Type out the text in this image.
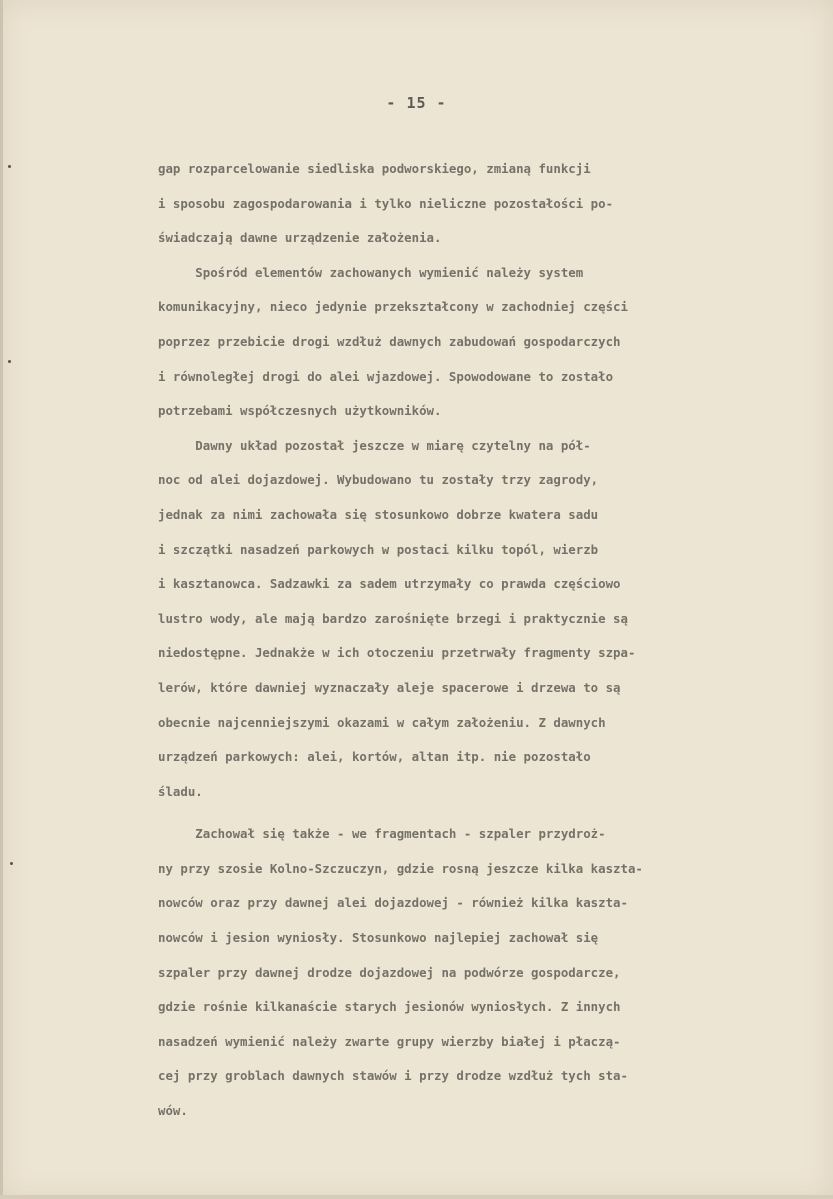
- 15 -
gap rozparcelowanie siedliska podworskiego, zmianą funkcji
i sposobu zagospodarowania i tylko nieliczne pozostałości po-
świadczają dawne urządzenie założenia.
Spośród elementów zachowanych wymienić należy system
komunikacyjny, nieco jedynie przekształcony w zachodniej części
poprzez przebicie drogi wzdłuż dawnych zabudowań gospodarczych
i równoległej drogi do alei wjazdowej. Spowodowane to zostało
potrzebami współczesnych użytkowników.
Dawny układ pozostał jeszcze w miarę czytelny na pół-
noc od alei dojazdowej. Wybudowano tu zostały trzy zagrody,
jednak za nimi zachowała się stosunkowo dobrze kwatera sadu
i szczątki nasadzeń parkowych w postaci kilku topól, wierzb
i kasztanowca. Sadzawki za sadem utrzymały co prawda częściowo
lustro wody, ale mają bardzo zarośnięte brzegi i praktycznie są
niedostępne. Jednakże w ich otoczeniu przetrwały fragmenty szpa-
lerów, które dawniej wyznaczały aleje spacerowe i drzewa to są
obecnie najcenniejszymi okazami w całym założeniu. Z dawnych
urządzeń parkowych: alei, kortów, altan itp. nie pozostało
śladu.
Zachował się także - we fragmentach - szpaler przydroż-
ny przy szosie Kolno-Szczuczyn, gdzie rosną jeszcze kilka kaszta-
nowców oraz przy dawnej alei dojazdowej - również kilka kaszta-
nowców i jesion wyniosły. Stosunkowo najlepiej zachował się
szpaler przy dawnej drodze dojazdowej na podwórze gospodarcze,
gdzie rośnie kilkanaście starych jesionów wyniosłych. Z innych
nasadzeń wymienić należy zwarte grupy wierzby białej i płaczą-
cej przy groblach dawnych stawów i przy drodze wzdłuż tych sta-
wów.
